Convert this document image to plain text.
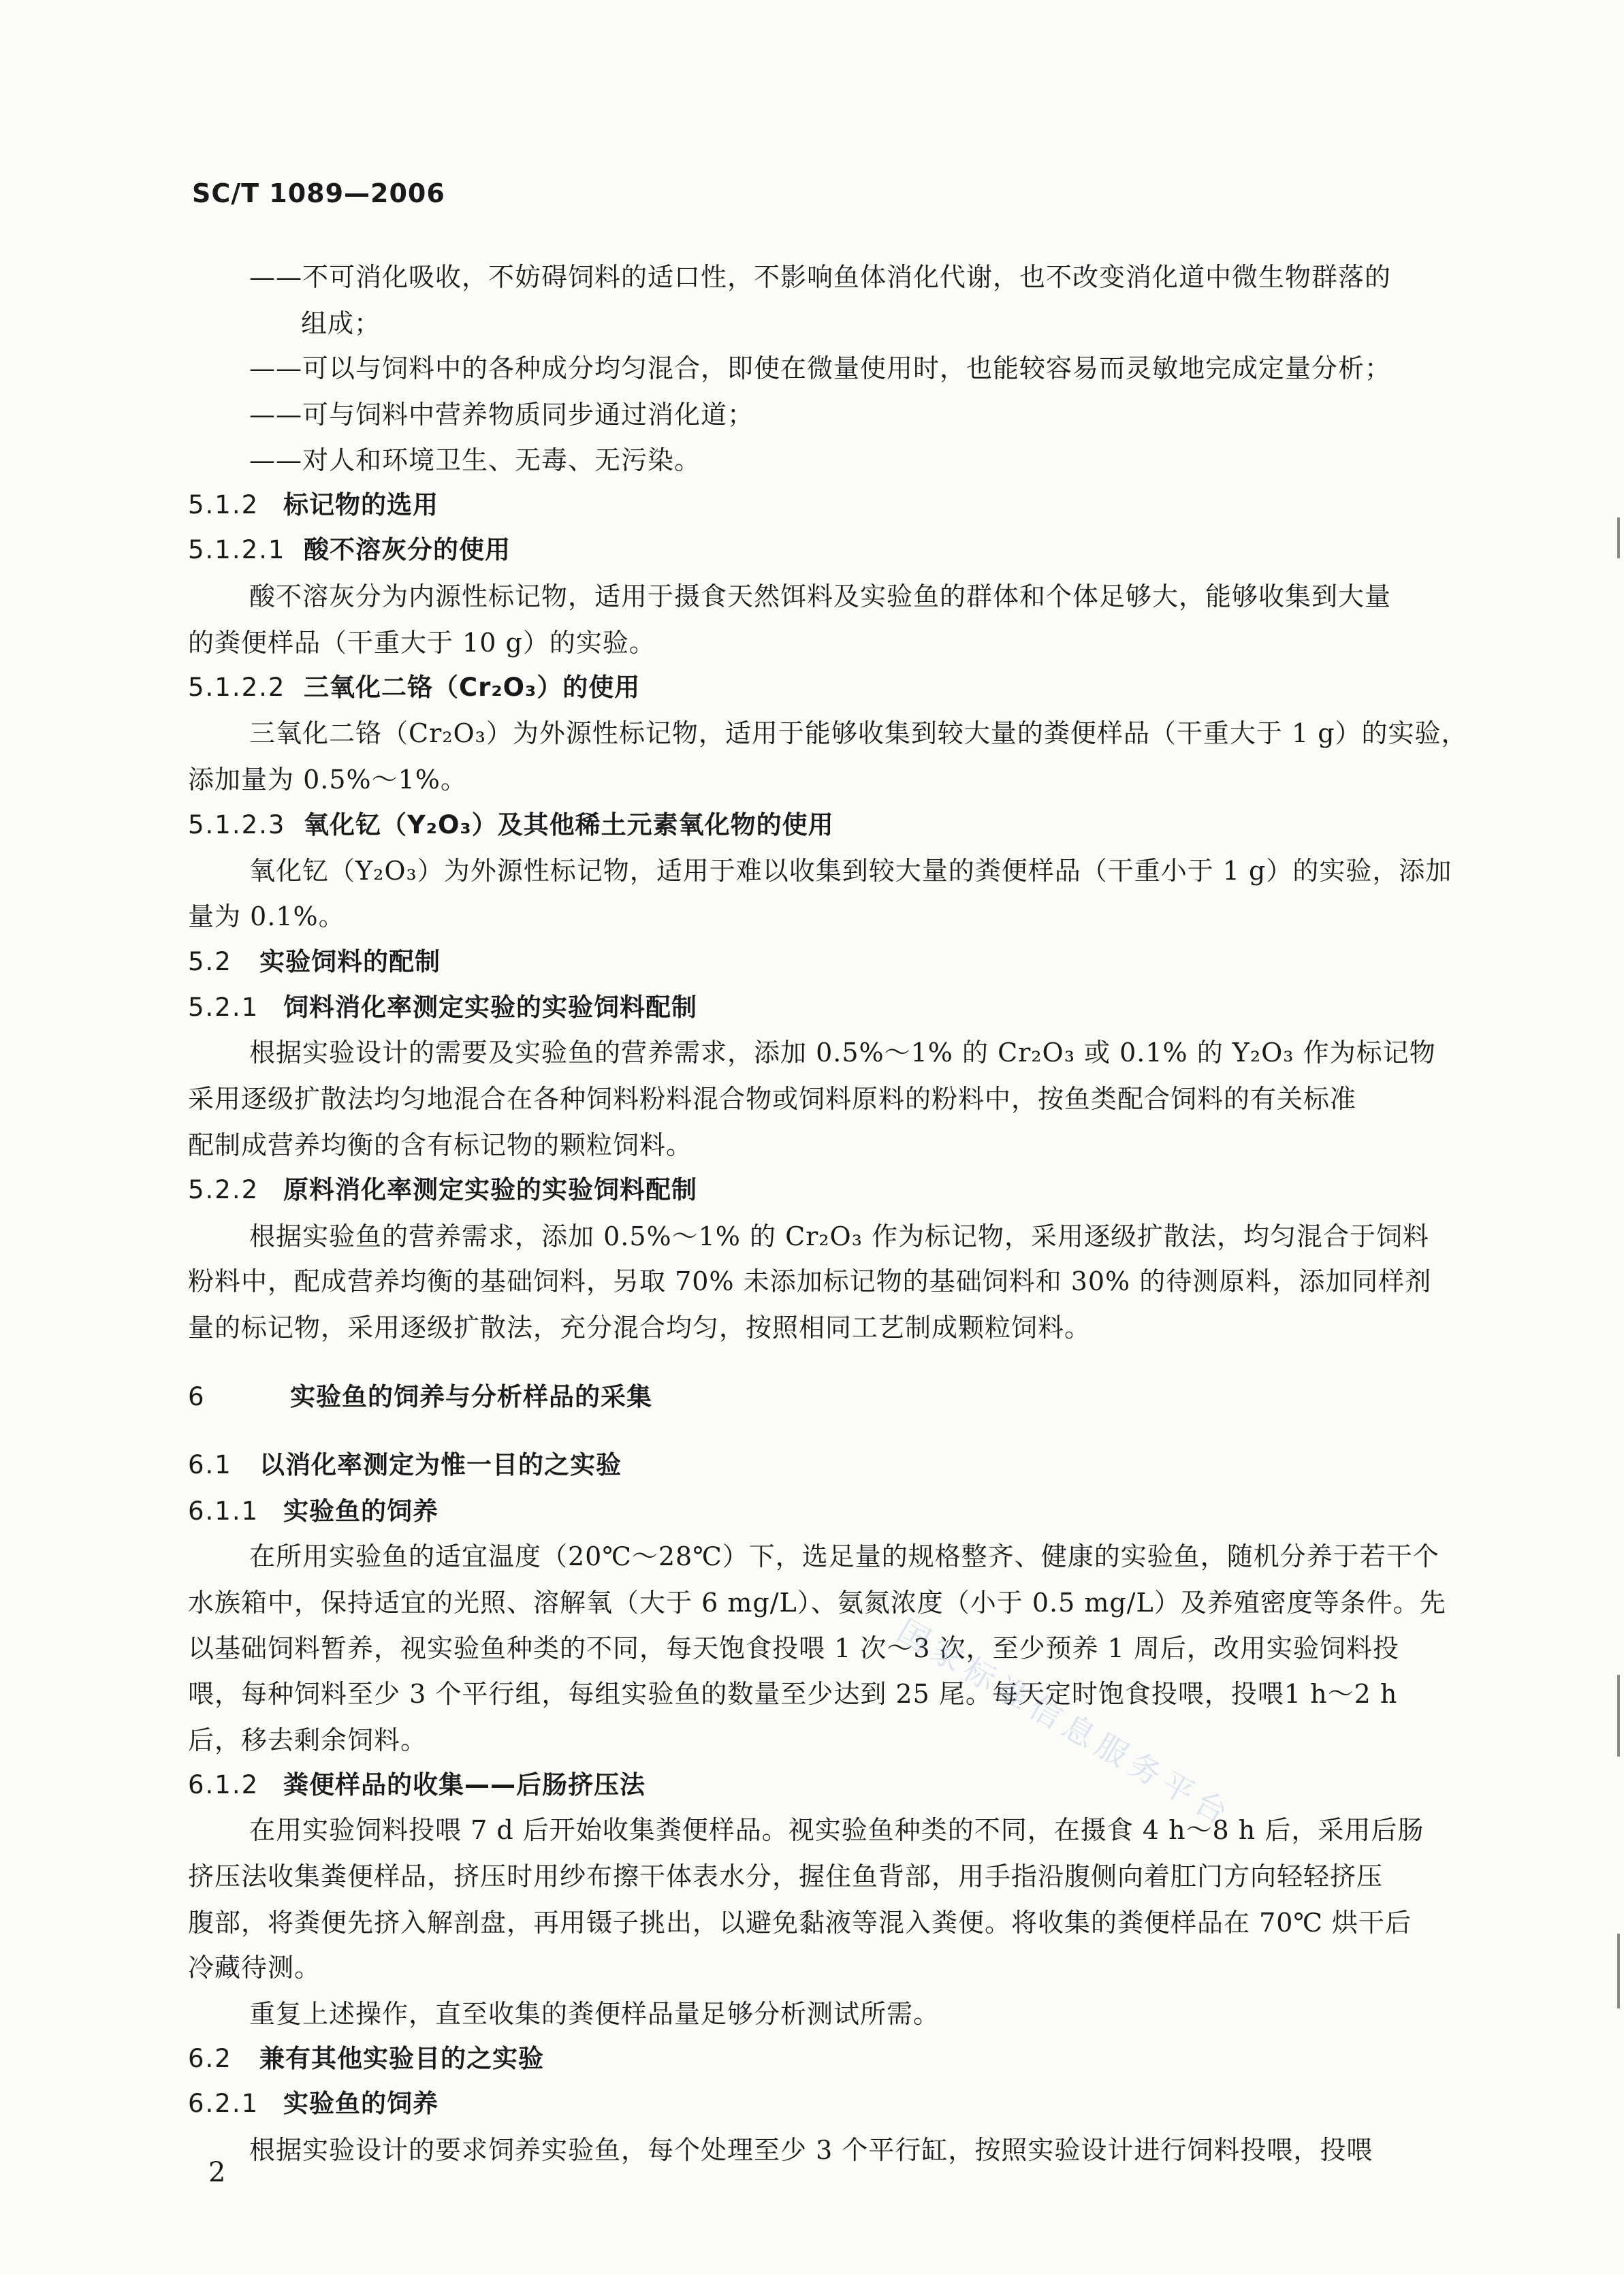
SC/T 1089—2006
——不可消化吸收，不妨碍饲料的适口性，不影响鱼体消化代谢，也不改变消化道中微生物群落的
组成；
——可以与饲料中的各种成分均匀混合，即使在微量使用时，也能较容易而灵敏地完成定量分析；
——可与饲料中营养物质同步通过消化道；
——对人和环境卫生、无毒、无污染。
5.1.2 标记物的选用
5.1.2.1 酸不溶灰分的使用
酸不溶灰分为内源性标记物，适用于摄食天然饵料及实验鱼的群体和个体足够大，能够收集到大量
的粪便样品（干重大于 10 g）的实验。
5.1.2.2 三氧化二铬（Cr₂O₃）的使用
三氧化二铬（Cr₂O₃）为外源性标记物，适用于能够收集到较大量的粪便样品（干重大于 1 g）的实验，
添加量为 0.5%～1%。
5.1.2.3 氧化钇（Y₂O₃）及其他稀土元素氧化物的使用
氧化钇（Y₂O₃）为外源性标记物，适用于难以收集到较大量的粪便样品（干重小于 1 g）的实验，添加
量为 0.1%。
5.2 实验饲料的配制
5.2.1 饲料消化率测定实验的实验饲料配制
根据实验设计的需要及实验鱼的营养需求，添加 0.5%～1% 的 Cr₂O₃ 或 0.1% 的 Y₂O₃ 作为标记物
采用逐级扩散法均匀地混合在各种饲料粉料混合物或饲料原料的粉料中，按鱼类配合饲料的有关标准
配制成营养均衡的含有标记物的颗粒饲料。
5.2.2 原料消化率测定实验的实验饲料配制
根据实验鱼的营养需求，添加 0.5%～1% 的 Cr₂O₃ 作为标记物，采用逐级扩散法，均匀混合于饲料
粉料中，配成营养均衡的基础饲料，另取 70% 未添加标记物的基础饲料和 30% 的待测原料，添加同样剂
量的标记物，采用逐级扩散法，充分混合均匀，按照相同工艺制成颗粒饲料。
6	实验鱼的饲养与分析样品的采集
6.1 以消化率测定为惟一目的之实验
6.1.1 实验鱼的饲养
在所用实验鱼的适宜温度（20℃～28℃）下，选足量的规格整齐、健康的实验鱼，随机分养于若干个
水族箱中，保持适宜的光照、溶解氧（大于 6 mg/L）、氨氮浓度（小于 0.5 mg/L）及养殖密度等条件。先
以基础饲料暂养，视实验鱼种类的不同，每天饱食投喂 1 次～3 次，至少预养 1 周后，改用实验饲料投
喂，每种饲料至少 3 个平行组，每组实验鱼的数量至少达到 25 尾。每天定时饱食投喂，投喂1 h～2 h
后，移去剩余饲料。
6.1.2 粪便样品的收集——后肠挤压法
在用实验饲料投喂 7 d 后开始收集粪便样品。视实验鱼种类的不同，在摄食 4 h～8 h 后，采用后肠
挤压法收集粪便样品，挤压时用纱布擦干体表水分，握住鱼背部，用手指沿腹侧向着肛门方向轻轻挤压
腹部，将粪便先挤入解剖盘，再用镊子挑出，以避免黏液等混入粪便。将收集的粪便样品在 70℃ 烘干后
冷藏待测。
重复上述操作，直至收集的粪便样品量足够分析测试所需。
6.2 兼有其他实验目的之实验
6.2.1 实验鱼的饲养
根据实验设计的要求饲养实验鱼，每个处理至少 3 个平行缸，按照实验设计进行饲料投喂，投喂
2
国家标准信息服务平台
